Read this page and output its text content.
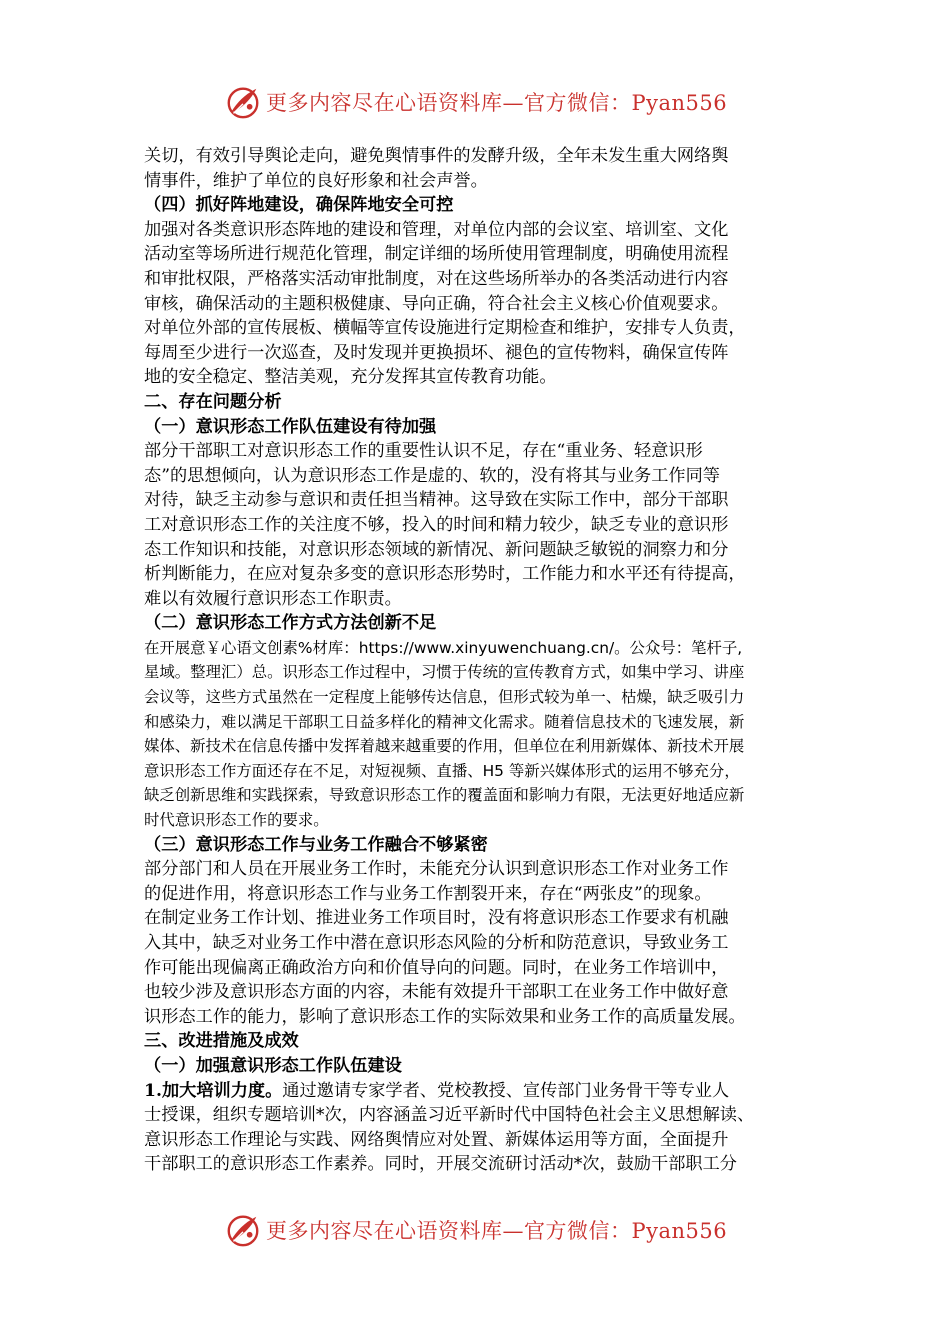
更多内容尽在心语资料库—官方微信：Pyan556
关切，有效引导舆论走向，避免舆情事件的发酵升级，全年未发生重大网络舆
情事件，维护了单位的良好形象和社会声誉。
（四）抓好阵地建设，确保阵地安全可控
加强对各类意识形态阵地的建设和管理，对单位内部的会议室、培训室、文化
活动室等场所进行规范化管理，制定详细的场所使用管理制度，明确使用流程
和审批权限，严格落实活动审批制度，对在这些场所举办的各类活动进行内容
审核，确保活动的主题积极健康、导向正确，符合社会主义核心价值观要求。
对单位外部的宣传展板、横幅等宣传设施进行定期检查和维护，安排专人负责，
每周至少进行一次巡查，及时发现并更换损坏、褪色的宣传物料，确保宣传阵
地的安全稳定、整洁美观，充分发挥其宣传教育功能。
二、存在问题分析
（一）意识形态工作队伍建设有待加强
部分干部职工对意识形态工作的重要性认识不足，存在“重业务、轻意识形
态”的思想倾向，认为意识形态工作是虚的、软的，没有将其与业务工作同等
对待，缺乏主动参与意识和责任担当精神。这导致在实际工作中，部分干部职
工对意识形态工作的关注度不够，投入的时间和精力较少，缺乏专业的意识形
态工作知识和技能，对意识形态领域的新情况、新问题缺乏敏锐的洞察力和分
析判断能力，在应对复杂多变的意识形态形势时，工作能力和水平还有待提高，
难以有效履行意识形态工作职责。
（二）意识形态工作方式方法创新不足
在开展意￥心语文创素%材库：https://www.xinyuwenchuang.cn/。公众号：笔杆子,
星域。整理汇）总。识形态工作过程中，习惯于传统的宣传教育方式，如集中学习、讲座
会议等，这些方式虽然在一定程度上能够传达信息，但形式较为单一、枯燥，缺乏吸引力
和感染力，难以满足干部职工日益多样化的精神文化需求。随着信息技术的飞速发展，新
媒体、新技术在信息传播中发挥着越来越重要的作用，但单位在利用新媒体、新技术开展
意识形态工作方面还存在不足，对短视频、直播、H5 等新兴媒体形式的运用不够充分，
缺乏创新思维和实践探索，导致意识形态工作的覆盖面和影响力有限，无法更好地适应新
时代意识形态工作的要求。
（三）意识形态工作与业务工作融合不够紧密
部分部门和人员在开展业务工作时，未能充分认识到意识形态工作对业务工作
的促进作用，将意识形态工作与业务工作割裂开来，存在“两张皮”的现象。
在制定业务工作计划、推进业务工作项目时，没有将意识形态工作要求有机融
入其中，缺乏对业务工作中潜在意识形态风险的分析和防范意识，导致业务工
作可能出现偏离正确政治方向和价值导向的问题。同时，在业务工作培训中，
也较少涉及意识形态方面的内容，未能有效提升干部职工在业务工作中做好意
识形态工作的能力，影响了意识形态工作的实际效果和业务工作的高质量发展。
三、改进措施及成效
（一）加强意识形态工作队伍建设
1.加大培训力度。通过邀请专家学者、党校教授、宣传部门业务骨干等专业人
士授课，组织专题培训*次，内容涵盖习近平新时代中国特色社会主义思想解读、
意识形态工作理论与实践、网络舆情应对处置、新媒体运用等方面，全面提升
干部职工的意识形态工作素养。同时，开展交流研讨活动*次，鼓励干部职工分
更多内容尽在心语资料库—官方微信：Pyan556
